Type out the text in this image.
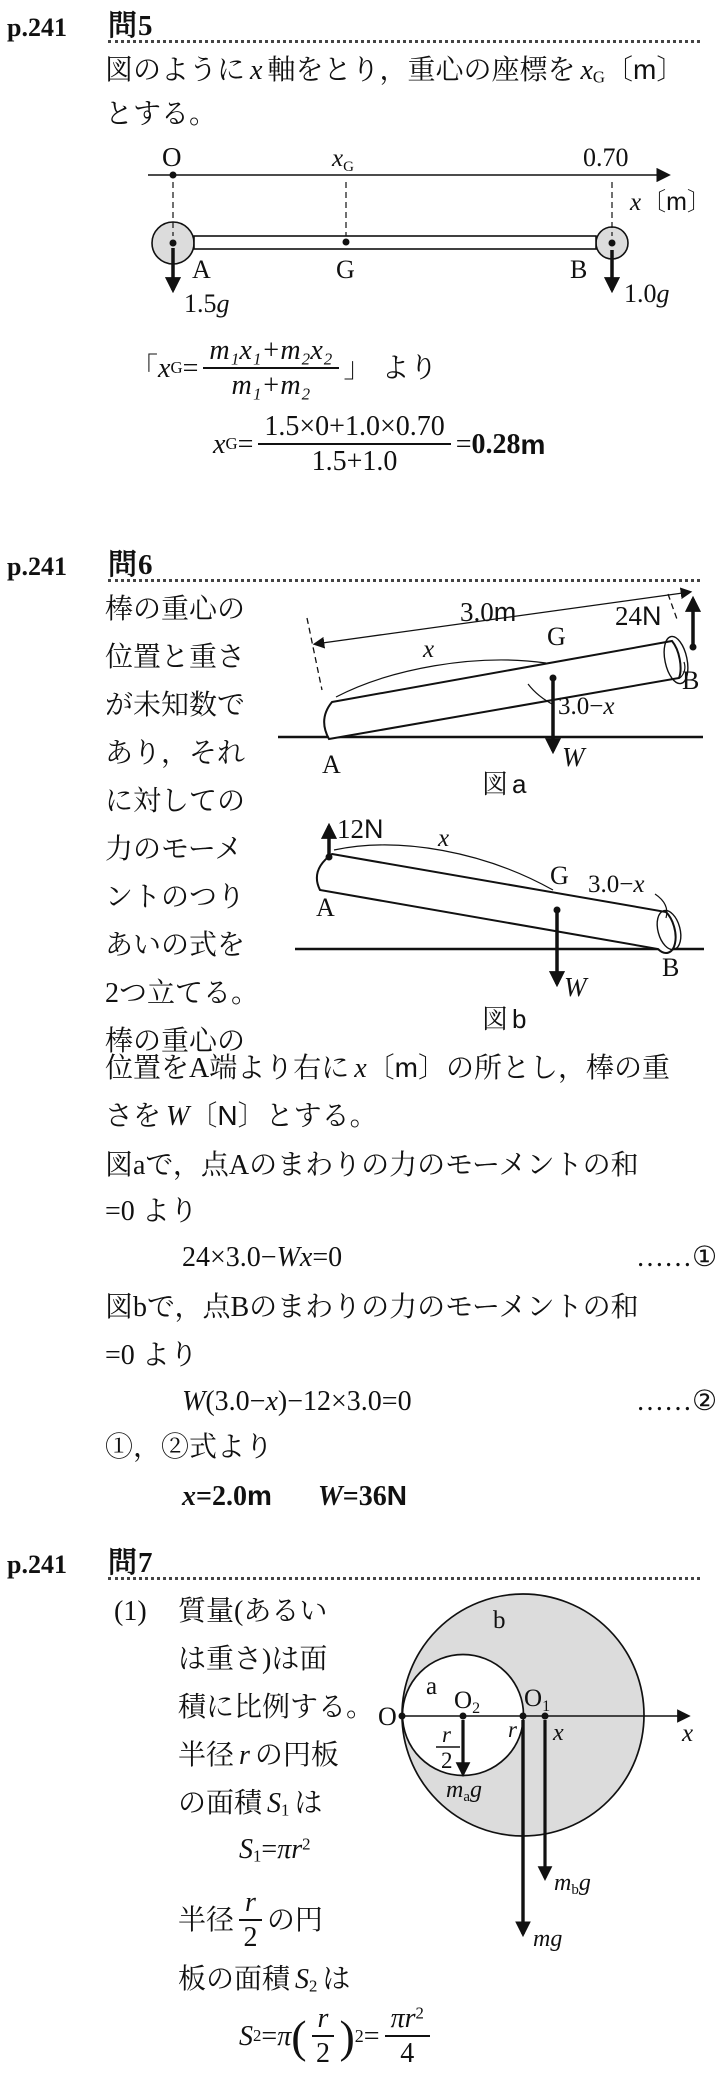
p.241 問5
図のように x 軸をとり，重心の座標を xG〔m〕
とする。
O	$x_G$	0.70
x〔m〕
A	G	B
1.5g	1.0g
「 x $G = \frac{\text{m₁x₁+m₂x₂}}{\text{m₁+m₂}}$ 」 より
x $G = \frac{1.5\times 0+1.0\times 0.70}{1.5+1.0} = 0.28$ m
p.241 問6
棒の重心の
位置と重さ
が未知数で
あり，それ
に対しての
力のモーメ
ントのつり
あいの式を
2つ立てる。
棒の重心の
3.0m	24N
x	G
A
B
W
3.0−x
図 a
12N x
G
A
B
W
3.0−x
図 b
位置をA端より右に x〔m〕の所とし，棒の重
さを W〔N〕とする。
図aで，点Aのまわりの力のモーメントの和
=0 より
24×3.0−Wx=0	……①
図bで，点Bのまわりの力のモーメントの和
=0 より
W(3.0−x)−12×3.0=0	……②
①，②式より
x=2.0m W=36N
p.241 問7
(1) 質量(あるい
は重さ)は面
積に比例する。
半径 r の円板
の面積 S1 は
$S1=\pi r^2$
半径 $\frac{r}{2}$ の円
板の面積 S2 は
S 2 = π ( $\frac{r}{2}$ ) $2 = \frac{\pi r^2}{4}$
O
a
b
$O_2$ $O_1$
r x	x
r
2
mag
mbg
mg
